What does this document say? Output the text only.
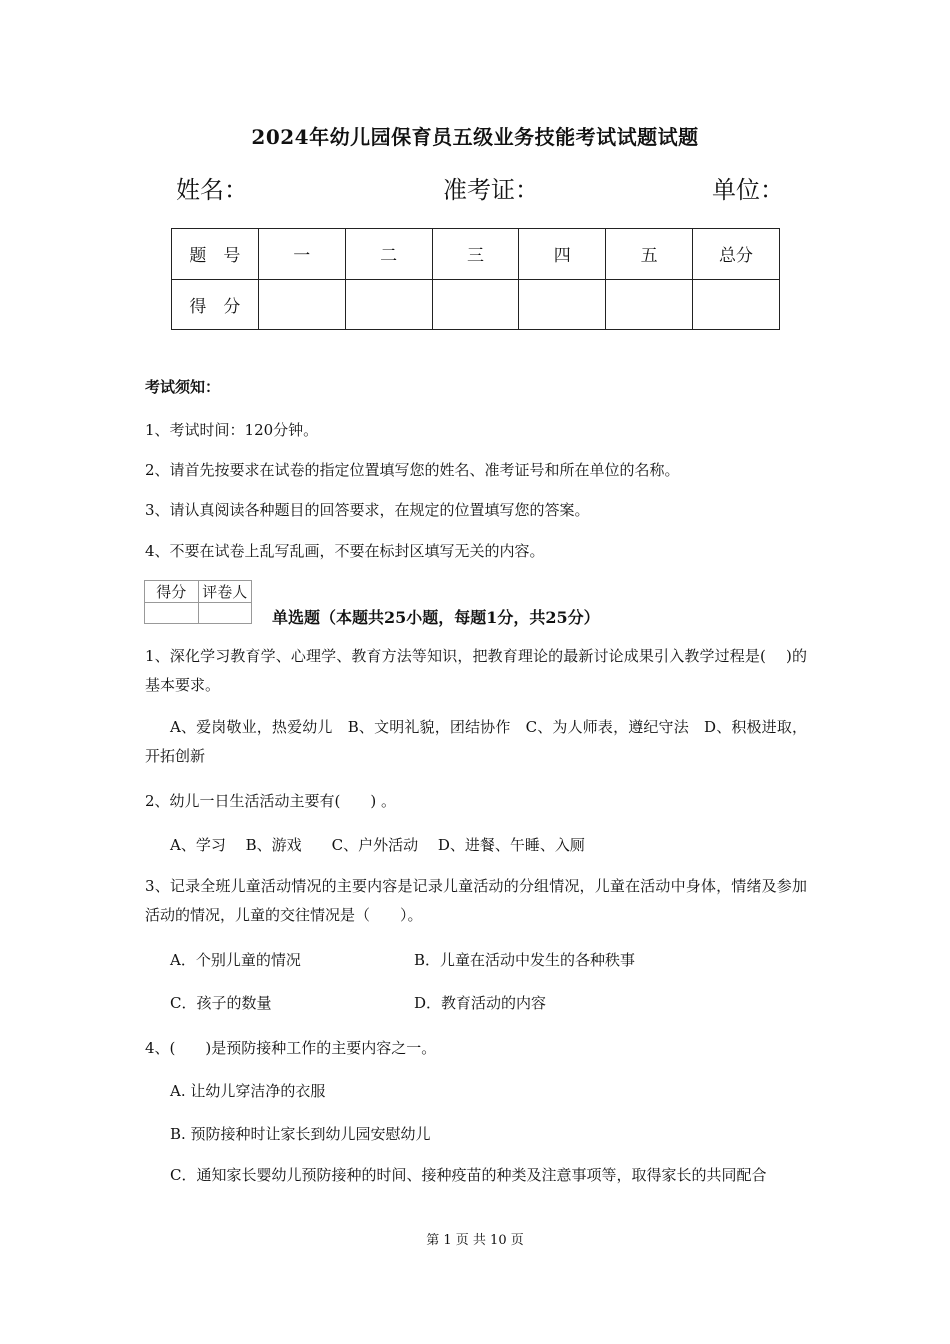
2024年幼儿园保育员五级业务技能考试试题试题
姓名：	准考证：	单位：
题　号	一	二	三	四	五	总分
得　分						
考试须知：
1、考试时间：120分钟。
2、请首先按要求在试卷的指定位置填写您的姓名、准考证号和所在单位的名称。
3、请认真阅读各种题目的回答要求，在规定的位置填写您的答案。
4、不要在试卷上乱写乱画，不要在标封区填写无关的内容。
得分	评卷人

单选题（本题共25小题，每题1分，共25分）
1、深化学习教育学、心理学、教育方法等知识，把教育理论的最新讨论成果引入教学过程是(　 )的基本要求。
A、爱岗敬业，热爱幼儿　B、文明礼貌，团结协作　C、为人师表，遵纪守法　D、积极进取，开拓创新
2、幼儿一日生活活动主要有(　　) 。
A、学习　 B、游戏　　C、户外活动　 D、进餐、午睡、入厕
3、记录全班儿童活动情况的主要内容是记录儿童活动的分组情况，儿童在活动中身体，情绪及参加活动的情况，儿童的交往情况是（　　）。
A．个别儿童的情况	B．儿童在活动中发生的各种秩事
C．孩子的数量	D．教育活动的内容
4、(　　)是预防接种工作的主要内容之一。
A. 让幼儿穿洁净的衣服
B. 预防接种时让家长到幼儿园安慰幼儿
C．通知家长婴幼儿预防接种的时间、接种疫苗的种类及注意事项等，取得家长的共同配合
第 1 页 共 10 页
